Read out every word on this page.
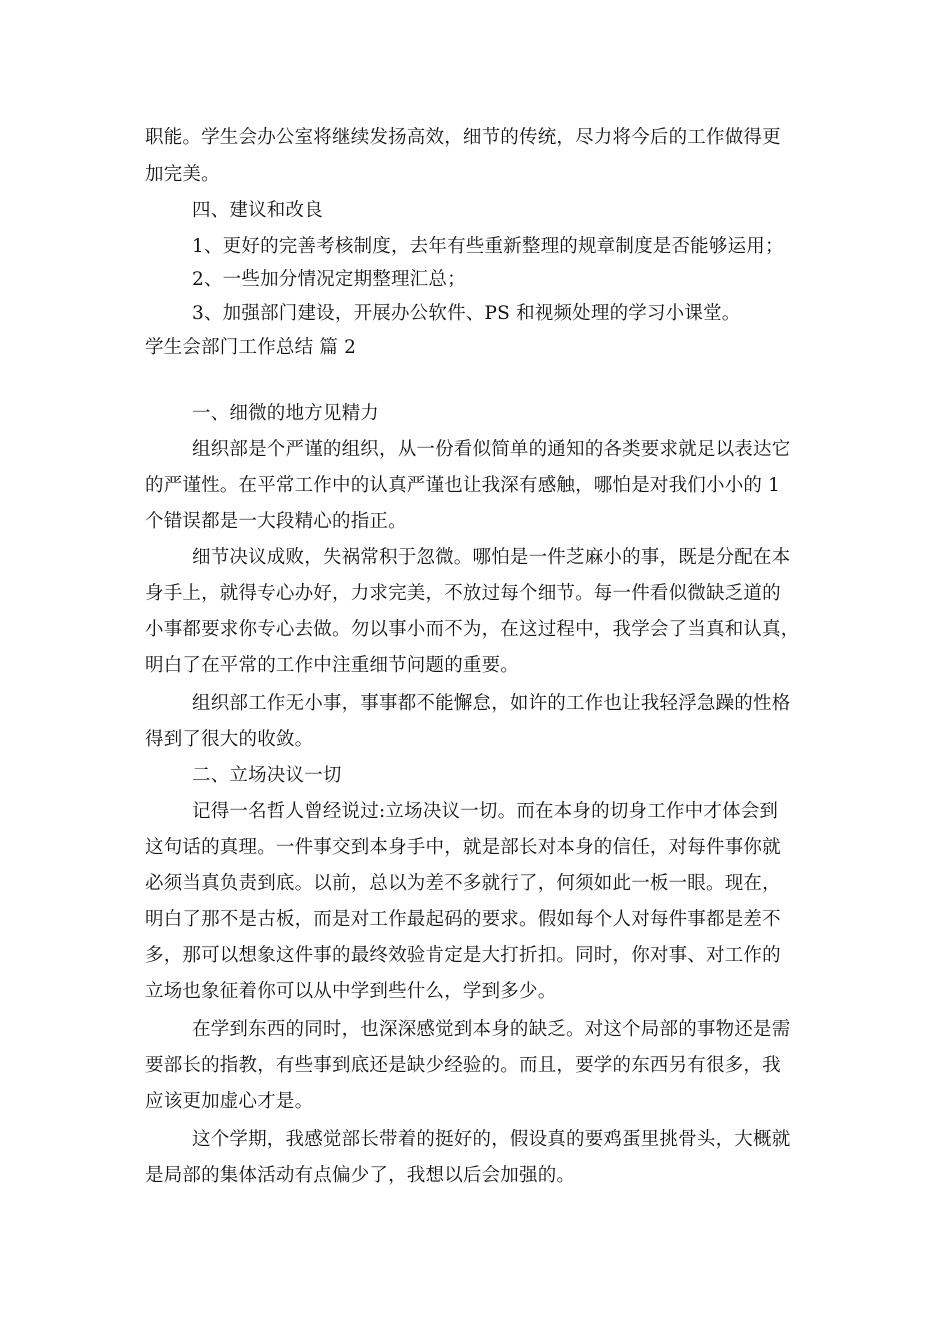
职能。学生会办公室将继续发扬高效，细节的传统，尽力将今后的工作做得更
加完美。
四、建议和改良
1、更好的完善考核制度，去年有些重新整理的规章制度是否能够运用；
2、一些加分情况定期整理汇总；
3、加强部门建设，开展办公软件、PS 和视频处理的学习小课堂。
学生会部门工作总结 篇 2
一、细微的地方见精力
组织部是个严谨的组织，从一份看似简单的通知的各类要求就足以表达它
的严谨性。在平常工作中的认真严谨也让我深有感触，哪怕是对我们小小的 1
个错误都是一大段精心的指正。
细节决议成败，失祸常积于忽微。哪怕是一件芝麻小的事，既是分配在本
身手上，就得专心办好，力求完美，不放过每个细节。每一件看似微缺乏道的
小事都要求你专心去做。勿以事小而不为，在这过程中，我学会了当真和认真，
明白了在平常的工作中注重细节问题的重要。
组织部工作无小事，事事都不能懈怠，如许的工作也让我轻浮急躁的性格
得到了很大的收敛。
二、立场决议一切
记得一名哲人曾经说过:立场决议一切。而在本身的切身工作中才体会到
这句话的真理。一件事交到本身手中，就是部长对本身的信任，对每件事你就
必须当真负责到底。以前，总以为差不多就行了，何须如此一板一眼。现在，
明白了那不是古板，而是对工作最起码的要求。假如每个人对每件事都是差不
多，那可以想象这件事的最终效验肯定是大打折扣。同时，你对事、对工作的
立场也象征着你可以从中学到些什么，学到多少。
在学到东西的同时，也深深感觉到本身的缺乏。对这个局部的事物还是需
要部长的指教，有些事到底还是缺少经验的。而且，要学的东西另有很多，我
应该更加虚心才是。
这个学期，我感觉部长带着的挺好的，假设真的要鸡蛋里挑骨头，大概就
是局部的集体活动有点偏少了，我想以后会加强的。
